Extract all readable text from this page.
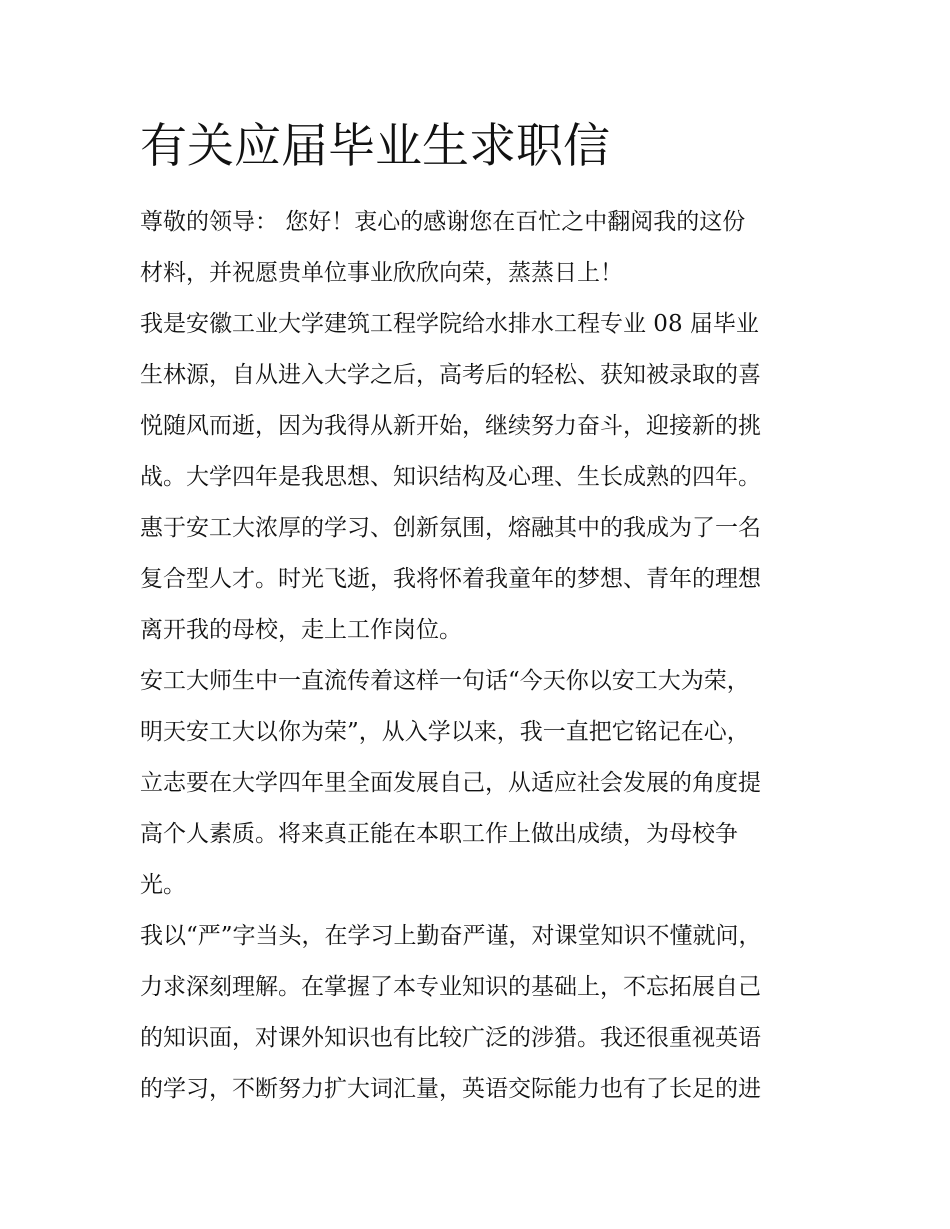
有关应届毕业生求职信
尊敬的领导： 您好！衷心的感谢您在百忙之中翻阅我的这份
材料，并祝愿贵单位事业欣欣向荣，蒸蒸日上！
我是安徽工业大学建筑工程学院给水排水工程专业 08 届毕业
生林源，自从进入大学之后，高考后的轻松、获知被录取的喜
悦随风而逝，因为我得从新开始，继续努力奋斗，迎接新的挑
战。大学四年是我思想、知识结构及心理、生长成熟的四年。
惠于安工大浓厚的学习、创新氛围，熔融其中的我成为了一名
复合型人才。时光飞逝，我将怀着我童年的梦想、青年的理想
离开我的母校，走上工作岗位。
安工大师生中一直流传着这样一句话“今天你以安工大为荣，
明天安工大以你为荣”，从入学以来，我一直把它铭记在心，
立志要在大学四年里全面发展自己，从适应社会发展的角度提
高个人素质。将来真正能在本职工作上做出成绩，为母校争
光。
我以“严”字当头，在学习上勤奋严谨，对课堂知识不懂就问，
力求深刻理解。在掌握了本专业知识的基础上，不忘拓展自己
的知识面，对课外知识也有比较广泛的涉猎。我还很重视英语
的学习，不断努力扩大词汇量，英语交际能力也有了长足的进
